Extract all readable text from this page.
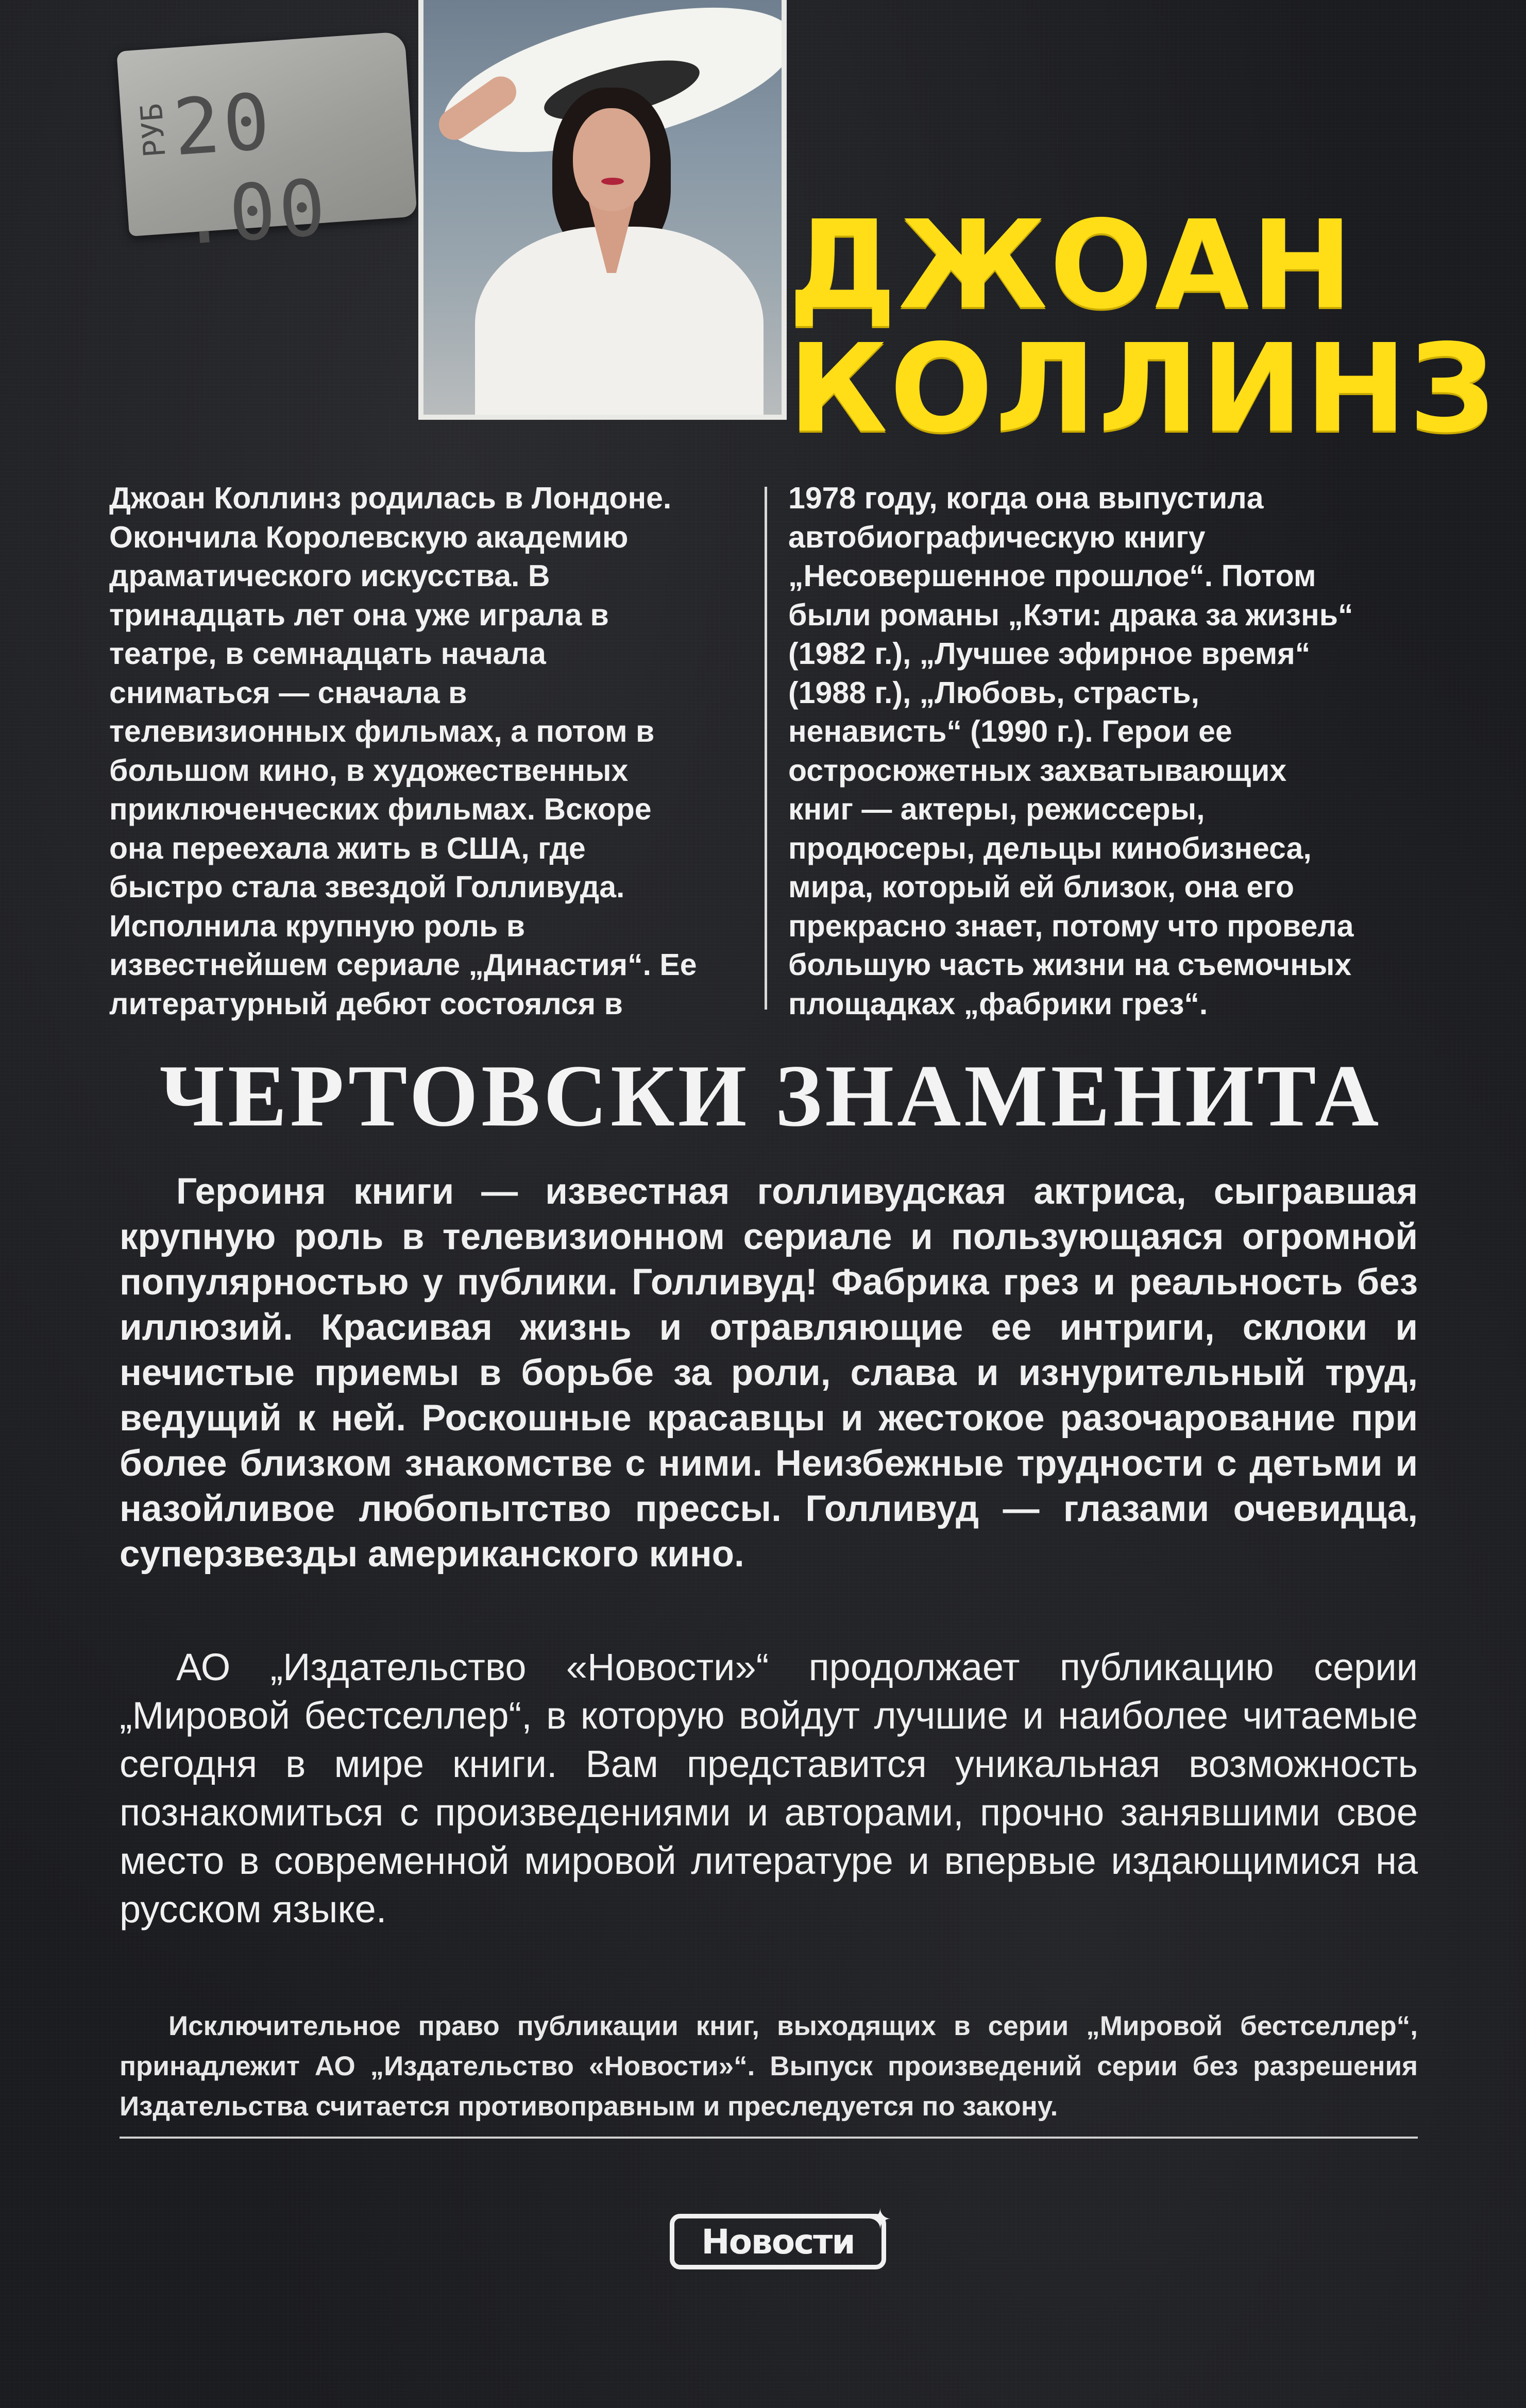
РУБ
20 .00	ДЖОАН
КОЛЛИНЗ
Джоан Коллинз родилась в Лондоне.
Окончила Королевскую академию
драматического искусства. В
тринадцать лет она уже играла в
театре, в семнадцать начала
сниматься — сначала в
телевизионных фильмах, а потом в
большом кино, в художественных
приключенческих фильмах. Вскоре
она переехала жить в США, где
быстро стала звездой Голливуда.
Исполнила крупную роль в
известнейшем сериале „Династия“. Ее
литературный дебют состоялся в
1978 году, когда она выпустила
автобиографическую книгу
„Несовершенное прошлое“. Потом
были романы „Кэти: драка за жизнь“
(1982 г.), „Лучшее эфирное время“
(1988 г.), „Любовь, страсть,
ненависть“ (1990 г.). Герои ее
остросюжетных захватывающих
книг — актеры, режиссеры,
продюсеры, дельцы кинобизнеса,
мира, который ей близок, она его
прекрасно знает, потому что провела
большую часть жизни на съемочных
площадках „фабрики грез“.
ЧЕРТОВСКИ ЗНАМЕНИТА
Героиня книги — известная голливудская актриса, сыгравшая крупную роль в телевизионном сериале и пользующаяся огромной популярностью у публики. Голливуд! Фабрика грез и реальность без иллюзий. Красивая жизнь и отравляющие ее интриги, склоки и нечистые приемы в борьбе за роли, слава и изнурительный труд, ведущий к ней. Роскошные красавцы и жестокое разочарование при более близком знакомстве с ними. Неизбежные трудности с детьми и назойливое любопытство прессы. Голливуд — глазами очевидца, суперзвезды американского кино.
АО „Издательство «Новости»“ продолжает публикацию серии „Мировой бестселлер“, в которую войдут лучшие и наиболее читаемые сегодня в мире книги. Вам представится уникальная возможность познакомиться с произведениями и авторами, прочно занявшими свое место в современной мировой литературе и впервые издающимися на русском языке.
Исключительное право публикации книг, выходящих в серии „Мировой бестселлер“, принадлежит АО „Издательство «Новости»“. Выпуск произведений серии без разрешения Издательства считается противоправным и преследуется по закону.
Новости
✦
